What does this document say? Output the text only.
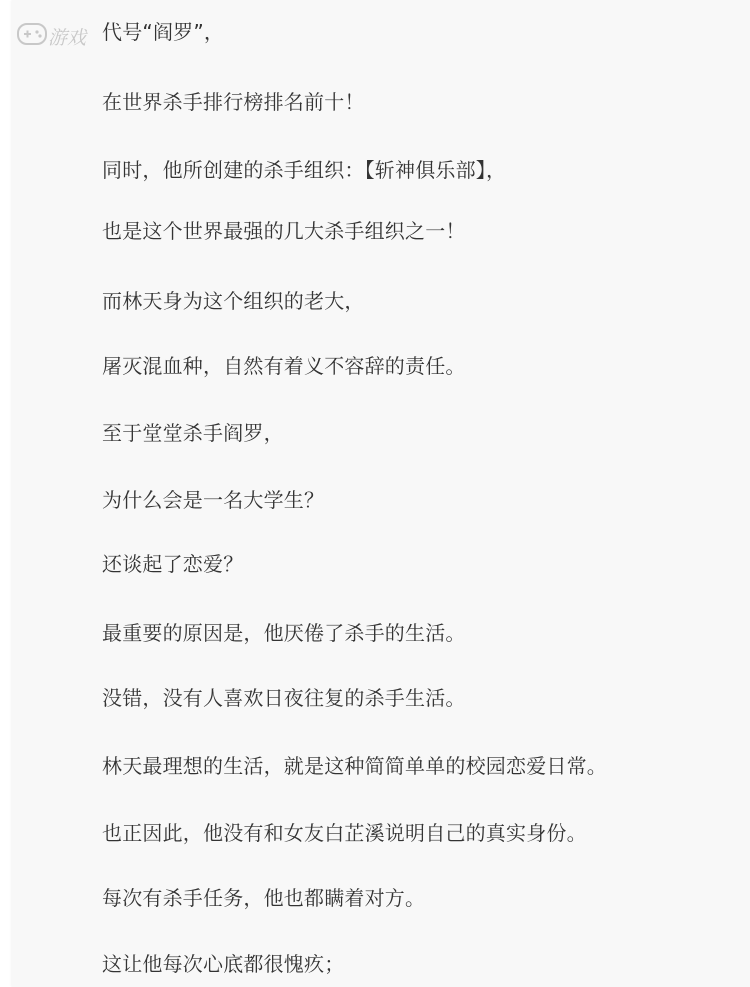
游戏 代号“阎罗”，

在世界杀手排行榜排名前十！

同时，他所创建的杀手组织：【斩神俱乐部】，

也是这个世界最强的几大杀手组织之一！

而林天身为这个组织的老大，

屠灭混血种，自然有着义不容辞的责任。

至于堂堂杀手阎罗，

为什么会是一名大学生？

还谈起了恋爱？

最重要的原因是，他厌倦了杀手的生活。

没错，没有人喜欢日夜往复的杀手生活。

林天最理想的生活，就是这种简简单单的校园恋爱日常。

也正因此，他没有和女友白芷溪说明自己的真实身份。

每次有杀手任务，他也都瞒着对方。

这让他每次心底都很愧疚；
